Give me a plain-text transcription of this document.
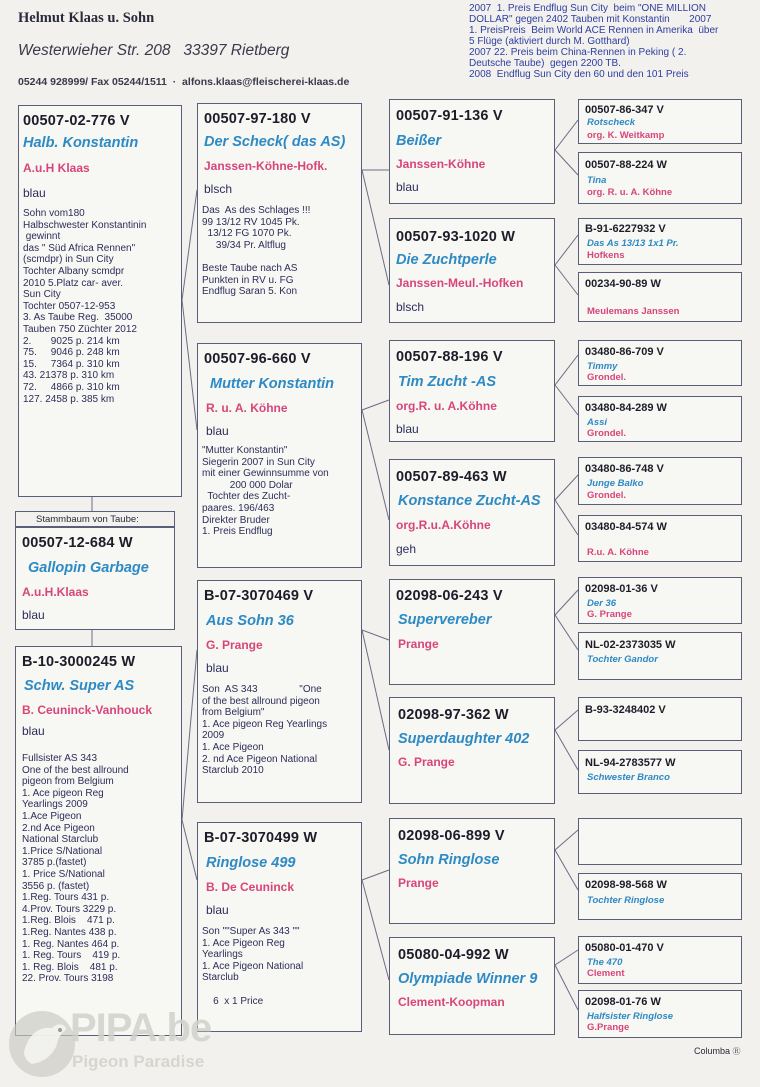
Helmut Klaas u. Sohn
Westerwieher Str. 208   33397 Rietberg
05244 928999/ Fax 05244/1511  ·  alfons.klaas@fleischerei-klaas.de
2007  1. Preis Endflug Sun City  beim "ONE MILLION
DOLLAR" gegen 2402 Tauben mit Konstantin       2007
1. PreisPreis  Beim World ACE Rennen in Amerika  über
5 Flüge (aktiviert durch M. Gotthard)
2007 22. Preis beim China-Rennen in Peking ( 2.
Deutsche Taube)  gegen 2200 TB.
2008  Endflug Sun City den 60 und den 101 Preis
00507-02-776 V
Halb. Konstantin
A.u.H Klaas
blau
Sohn vom180
Halbschwester Konstantinin
gewinnt
das " Süd Africa Rennen"
(scmdpr) in Sun City
Tochter Albany scmdpr
2010 5.Platz car- aver.
Sun City
Tochter 0507-12-953
3. As Taube Reg.  35000
Tauben 750 Züchter 2012
2.       9025 p. 214 km
75.     9046 p. 248 km
15.     7364 p. 310 km
43. 21378 p. 310 km
72.     4866 p. 310 km
127. 2458 p. 385 km
Stammbaum von Taube:
00507-12-684 W
Gallopin Garbage
A.u.H.Klaas
blau
B-10-3000245 W
Schw. Super AS
B. Ceuninck-Vanhouck
blau
Fullsister AS 343
One of the best allround
pigeon from Belgium
1. Ace pigeon Reg
Yearlings 2009
1.Ace Pigeon
2.nd Ace Pigeon
National Starclub
1.Price S/National
3785 p.(fastet)
1. Price S/National
3556 p. (fastet)
1.Reg. Tours 431 p.
4.Prov. Tours 3229 p.
1.Reg. Blois    471 p.
1.Reg. Nantes 438 p.
1. Reg. Nantes 464 p.
1. Reg. Tours    419 p.
1. Reg. Blois    481 p.
22. Prov. Tours 3198
00507-97-180 V
Der Scheck( das AS)
Janssen-Köhne-Hofk.
blsch
Das  As des Schlages !!!
99 13/12 RV 1045 Pk.
13/12 FG 1070 Pk.
39/34 Pr. Altflug

Beste Taube nach AS
Punkten in RV u. FG
Endflug Saran 5. Kon
00507-96-660 V
Mutter Konstantin
R. u. A. Köhne
blau
"Mutter Konstantin"
Siegerin 2007 in Sun City
mit einer Gewinnsumme von
200 000 Dolar
Tochter des Zucht-
paares. 196/463
Direkter Bruder
1. Preis Endflug
B-07-3070469 V
Aus Sohn 36
G. Prange
blau
Son  AS 343               "One
of the best allround pigeon
from Belgium"
1. Ace pigeon Reg Yearlings
2009
1. Ace Pigeon
2. nd Ace Pigeon National
Starclub 2010
B-07-3070499 W
Ringlose 499
B. De Ceuninck
blau
Son ""Super As 343 ""
1. Ace Pigeon Reg
Yearlings
1. Ace Pigeon National
Starclub

6  x 1 Price
00507-91-136 V
Beißer
Janssen-Köhne
blau
00507-93-1020 W
Die Zuchtperle
Janssen-Meul.-Hofken
blsch
00507-88-196 V
Tim Zucht -AS
org.R. u. A.Köhne
blau
00507-89-463 W
Konstance Zucht-AS
org.R.u.A.Köhne
geh
02098-06-243 V
Supervereber
Prange
02098-97-362 W
Superdaughter 402
G. Prange
02098-06-899 V
Sohn Ringlose
Prange
05080-04-992 W
Olympiade Winner 9
Clement-Koopman
00507-86-347 V
Rotscheck
org. K. Weitkamp
00507-88-224 W
Tina
org. R. u. A. Köhne
B-91-6227932 V
Das As 13/13 1x1 Pr.
Hofkens
00234-90-89 W
Meulemans Janssen
03480-86-709 V
Timmy
Grondel.
03480-84-289 W
Assi
Grondel.
03480-86-748 V
Junge Balko
Grondel.
03480-84-574 W
R.u. A. Köhne
02098-01-36 V
Der 36
G. Prange
NL-02-2373035 W
Tochter Gandor
B-93-3248402 V
NL-94-2783577 W
Schwester Branco
02098-98-568 W
Tochter Ringlose
05080-01-470 V
The 470
Clement
02098-01-76 W
Halfsister Ringlose
G.Prange
PIPA.be
Pigeon Paradise
Columba Ⓡ
